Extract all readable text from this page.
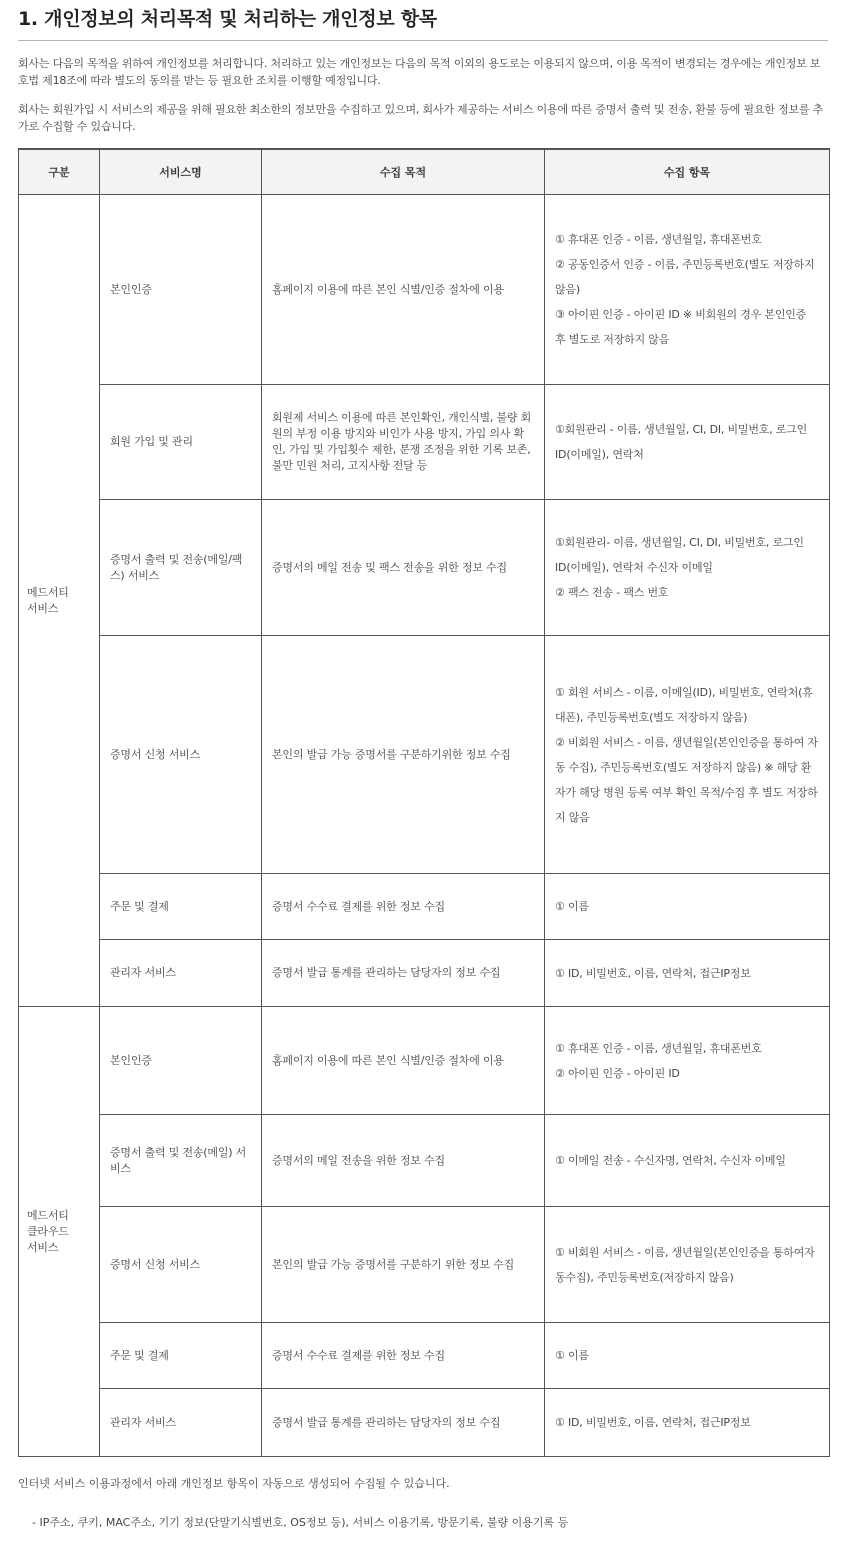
1. 개인정보의 처리목적 및 처리하는 개인정보 항목

회사는 다음의 목적을 위하여 개인정보를 처리합니다. 처리하고 있는 개인정보는 다음의 목적 이외의 용도로는 이용되지 않으며, 이용 목적이 변경되는 경우에는 개인정보 보호법 제18조에 따라 별도의 동의를 받는 등 필요한 조치를 이행할 예정입니다.

회사는 회원가입 시 서비스의 제공을 위해 필요한 최소한의 정보만을 수집하고 있으며, 회사가 제공하는 서비스 이용에 따른 증명서 출력 및 전송, 환불 등에 필요한 정보를 추가로 수집할 수 있습니다.

구분	서비스명	수집 목적	수집 항목
메드서티
서비스	본인인증	홈페이지 이용에 따른 본인 식별/인증 절차에 이용	① 휴대폰 인증 - 이름, 생년월일, 휴대폰번호
② 공동인증서 인증 - 이름, 주민등록번호(별도 저장하지 않음)
③ 아이핀 인증 - 아이핀 ID ※ 비회원의 경우 본인인증 후 별도로 저장하지 않음

	회원 가입 및 관리	회원제 서비스 이용에 따른 본인확인, 개인식별, 불량 회원의 부정 이용 방지와 비인가 사용 방지, 가입 의사 확인, 가입 및 가입횟수 제한, 분쟁 조정을 위한 기록 보존, 불만 민원 처리, 고지사항 전달 등	①회원관리 - 이름, 생년월일, CI, DI, 비밀번호, 로그인ID(이메일), 연락처

	증명서 출력 및 전송(메일/팩스) 서비스	증명서의 메일 전송 및 팩스 전송을 위한 정보 수집	①회원관리- 이름, 생년월일, CI, DI, 비밀번호, 로그인ID(이메일), 연락처 수신자 이메일
② 팩스 전송 - 팩스 번호

	증명서 신청 서비스	본인의 발급 가능 증명서를 구분하기위한 정보 수집	① 회원 서비스 - 이름, 이메일(ID), 비밀번호, 연락처(휴대폰), 주민등록번호(별도 저장하지 않음)
② 비회원 서비스 - 이름, 생년월일(본인인증을 통하여 자동 수집), 주민등록번호(별도 저장하지 않음) ※ 해당 환자가 해당 병원 등록 여부 확인 목적/수집 후 별도 저장하지 않음

	주문 및 결제	증명서 수수료 결제를 위한 정보 수집	① 이름

	관리자 서비스	증명서 발급 통계를 관리하는 담당자의 정보 수집	① ID, 비밀번호, 이름, 연락처, 접근IP정보

메드서티
클라우드
서비스	본인인증	홈페이지 이용에 따른 본인 식별/인증 절차에 이용	① 휴대폰 인증 - 이름, 생년월일, 휴대폰번호
② 아이핀 인증 - 아이핀 ID

	증명서 출력 및 전송(메일) 서비스	증명서의 메일 전송을 위한 정보 수집	① 이메일 전송 - 수신자명, 연락처, 수신자 이메일

	증명서 신청 서비스	본인의 발급 가능 증명서를 구분하기 위한 정보 수집	① 비회원 서비스 - 이름, 생년월일(본인인증을 통하여자동수집), 주민등록번호(저장하지 않음)

	주문 및 결제	증명서 수수료 결제를 위한 정보 수집	① 이름

	관리자 서비스	증명서 발급 통계를 관리하는 담당자의 정보 수집	① ID, 비밀번호, 이름, 연락처, 접근IP정보

인터넷 서비스 이용과정에서 아래 개인정보 항목이 자동으로 생성되어 수집될 수 있습니다.

- IP주소, 쿠키, MAC주소, 기기 정보(단말기식별번호, OS정보 등), 서비스 이용기록, 방문기록, 불량 이용기록 등
